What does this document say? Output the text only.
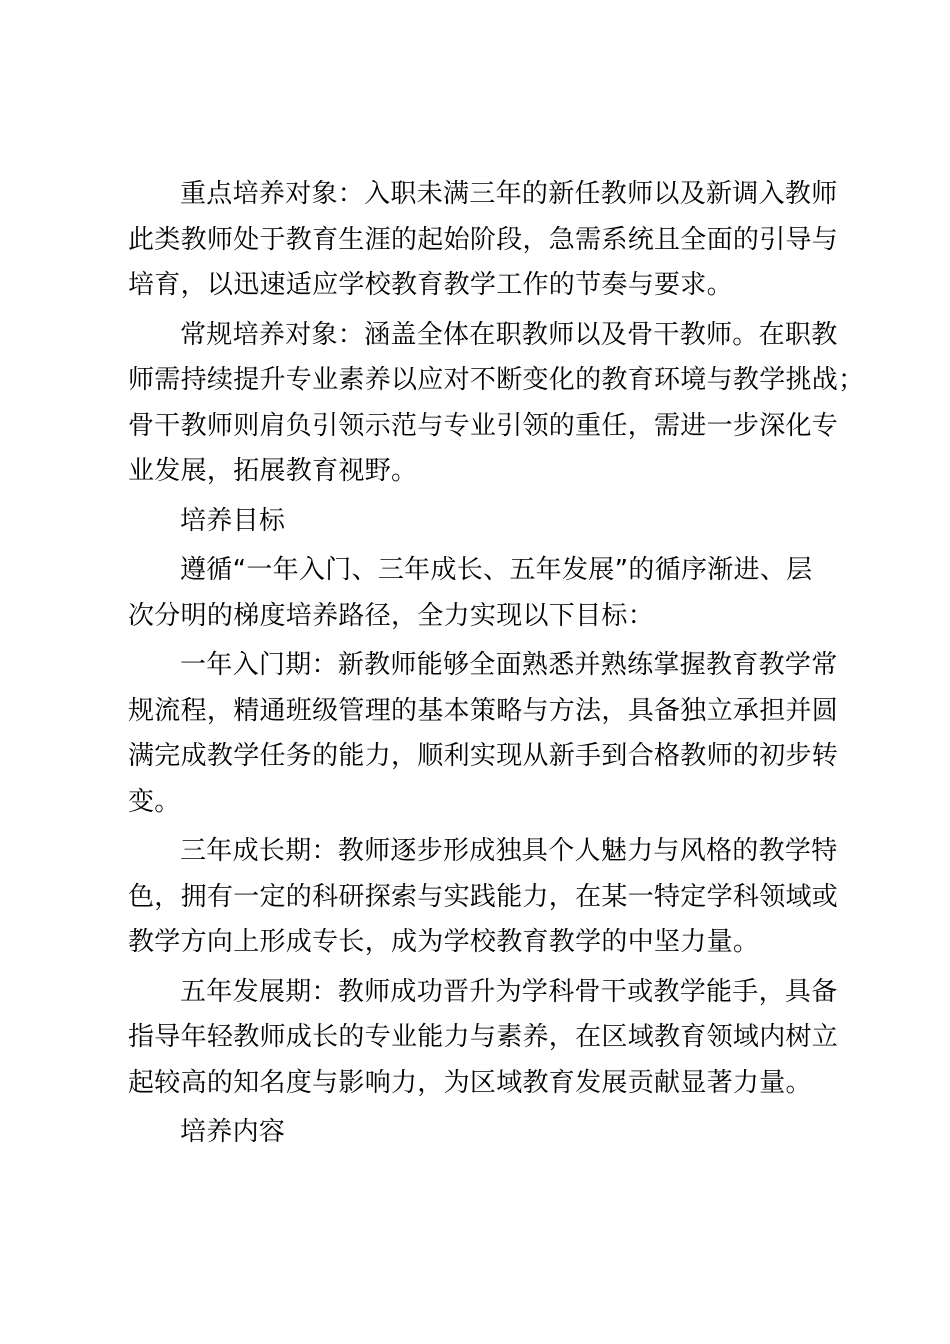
重点培养对象：入职未满三年的新任教师以及新调入教师
此类教师处于教育生涯的起始阶段，急需系统且全面的引导与
培育，以迅速适应学校教育教学工作的节奏与要求。

常规培养对象：涵盖全体在职教师以及骨干教师。在职教
师需持续提升专业素养以应对不断变化的教育环境与教学挑战；
骨干教师则肩负引领示范与专业引领的重任，需进一步深化专
业发展，拓展教育视野。

培养目标

遵循“一年入门、三年成长、五年发展”的循序渐进、层
次分明的梯度培养路径，全力实现以下目标：

一年入门期：新教师能够全面熟悉并熟练掌握教育教学常
规流程，精通班级管理的基本策略与方法，具备独立承担并圆
满完成教学任务的能力，顺利实现从新手到合格教师的初步转
变。

三年成长期：教师逐步形成独具个人魅力与风格的教学特
色，拥有一定的科研探索与实践能力，在某一特定学科领域或
教学方向上形成专长，成为学校教育教学的中坚力量。

五年发展期：教师成功晋升为学科骨干或教学能手，具备
指导年轻教师成长的专业能力与素养，在区域教育领域内树立
起较高的知名度与影响力，为区域教育发展贡献显著力量。

培养内容
